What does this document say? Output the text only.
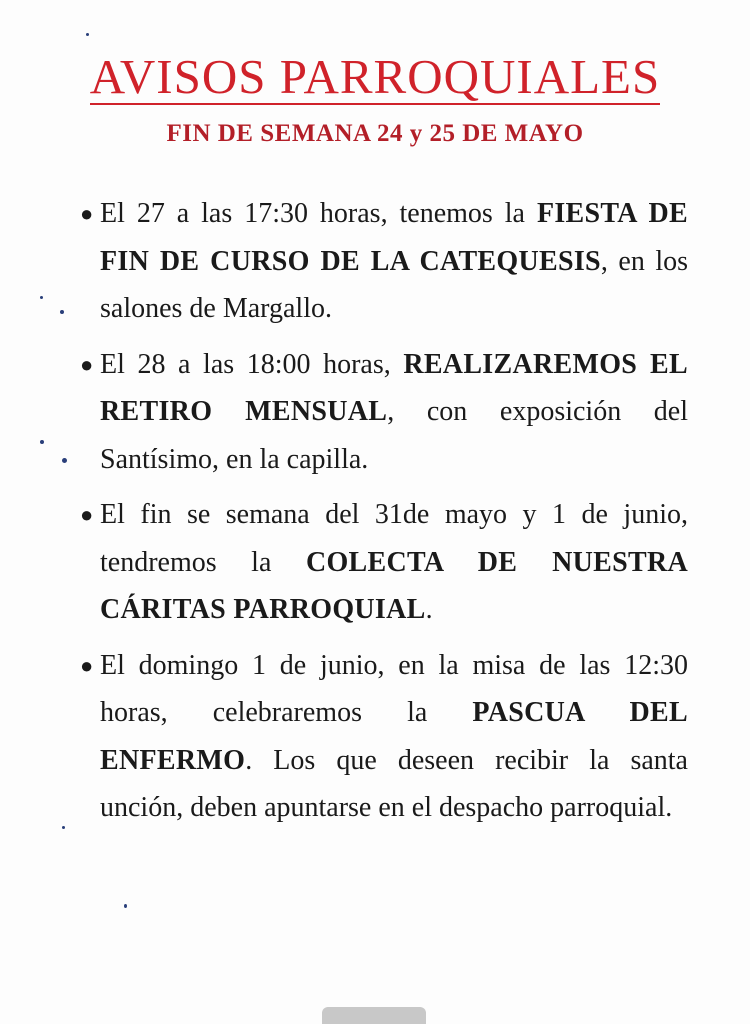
AVISOS PARROQUIALES
FIN DE SEMANA 24 y 25 DE MAYO

● El 27 a las 17:30 horas, tenemos la FIESTA DE FIN DE CURSO DE LA CATEQUESIS, en los salones de Margallo.

● El 28 a las 18:00 horas, REALIZAREMOS EL RETIRO MENSUAL, con exposición del Santísimo, en la capilla.

● El fin se semana del 31de mayo y 1 de junio, tendremos la COLECTA DE NUESTRA CÁRITAS PARROQUIAL.

● El domingo 1 de junio, en la misa de las 12:30 horas, celebraremos la PASCUA DEL ENFERMO. Los que deseen recibir la santa unción, deben apuntarse en el despacho parroquial.
